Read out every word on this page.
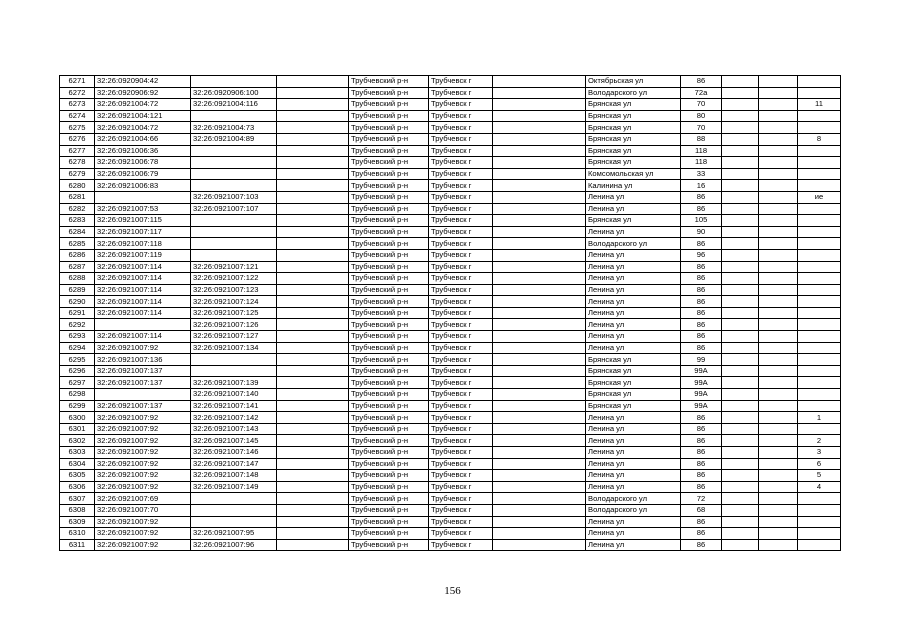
6271	32:26:0920904:42			Трубчевский р-н	Трубчевск г		Октябрьская ул	86			
6272	32:26:0920906:92	32:26:0920906:100		Трубчевский р-н	Трубчевск г		Володарского ул	72а			
6273	32:26:0921004:72	32:26:0921004:116		Трубчевский р-н	Трубчевск г		Брянская ул	70			11
6274	32:26:0921004:121			Трубчевский р-н	Трубчевск г		Брянская ул	80			
6275	32:26:0921004:72	32:26:0921004:73		Трубчевский р-н	Трубчевск г		Брянская ул	70			
6276	32:26:0921004:66	32:26:0921004:89		Трубчевский р-н	Трубчевск г		Брянская ул	88			8
6277	32:26:0921006:36			Трубчевский р-н	Трубчевск г		Брянская ул	118			
6278	32:26:0921006:78			Трубчевский р-н	Трубчевск г		Брянская ул	118			
6279	32:26:0921006:79			Трубчевский р-н	Трубчевск г		Комсомольская ул	33			
6280	32:26:0921006:83			Трубчевский р-н	Трубчевск г		Калинина ул	16			
6281		32:26:0921007:103		Трубчевский р-н	Трубчевск г		Ленина ул	86			ие
6282	32:26:0921007:53	32:26:0921007:107		Трубчевский р-н	Трубчевск г		Ленина ул	86			
6283	32:26:0921007:115			Трубчевский р-н	Трубчевск г		Брянская ул	105			
6284	32:26:0921007:117			Трубчевский р-н	Трубчевск г		Ленина ул	90			
6285	32:26:0921007:118			Трубчевский р-н	Трубчевск г		Володарского ул	86			
6286	32:26:0921007:119			Трубчевский р-н	Трубчевск г		Ленина ул	96			
6287	32:26:0921007:114	32:26:0921007:121		Трубчевский р-н	Трубчевск г		Ленина ул	86			
6288	32:26:0921007:114	32:26:0921007:122		Трубчевский р-н	Трубчевск г		Ленина ул	86			
6289	32:26:0921007:114	32:26:0921007:123		Трубчевский р-н	Трубчевск г		Ленина ул	86			
6290	32:26:0921007:114	32:26:0921007:124		Трубчевский р-н	Трубчевск г		Ленина ул	86			
6291	32:26:0921007:114	32:26:0921007:125		Трубчевский р-н	Трубчевск г		Ленина ул	86			
6292		32:26:0921007:126		Трубчевский р-н	Трубчевск г		Ленина ул	86			
6293	32:26:0921007:114	32:26:0921007:127		Трубчевский р-н	Трубчевск г		Ленина ул	86			
6294	32:26:0921007:92	32:26:0921007:134		Трубчевский р-н	Трубчевск г		Ленина ул	86			
6295	32:26:0921007:136			Трубчевский р-н	Трубчевск г		Брянская ул	99			
6296	32:26:0921007:137			Трубчевский р-н	Трубчевск г		Брянская ул	99А			
6297	32:26:0921007:137	32:26:0921007:139		Трубчевский р-н	Трубчевск г		Брянская ул	99А			
6298		32:26:0921007:140		Трубчевский р-н	Трубчевск г		Брянская ул	99А			
6299	32:26:0921007:137	32:26:0921007:141		Трубчевский р-н	Трубчевск г		Брянская ул	99А			
6300	32:26:0921007:92	32:26:0921007:142		Трубчевский р-н	Трубчевск г		Ленина ул	86			1
6301	32:26:0921007:92	32:26:0921007:143		Трубчевский р-н	Трубчевск г		Ленина ул	86			
6302	32:26:0921007:92	32:26:0921007:145		Трубчевский р-н	Трубчевск г		Ленина ул	86			2
6303	32:26:0921007:92	32:26:0921007:146		Трубчевский р-н	Трубчевск г		Ленина ул	86			3
6304	32:26:0921007:92	32:26:0921007:147		Трубчевский р-н	Трубчевск г		Ленина ул	86			6
6305	32:26:0921007:92	32:26:0921007:148		Трубчевский р-н	Трубчевск г		Ленина ул	86			5
6306	32:26:0921007:92	32:26:0921007:149		Трубчевский р-н	Трубчевск г		Ленина ул	86			4
6307	32:26:0921007:69			Трубчевский р-н	Трубчевск г		Володарского ул	72			
6308	32:26:0921007:70			Трубчевский р-н	Трубчевск г		Володарского ул	68			
6309	32:26:0921007:92			Трубчевский р-н	Трубчевск г		Ленина ул	86			
6310	32:26:0921007:92	32:26:0921007:95		Трубчевский р-н	Трубчевск г		Ленина ул	86			
6311	32:26:0921007:92	32:26:0921007:96		Трубчевский р-н	Трубчевск г		Ленина ул	86			
156
